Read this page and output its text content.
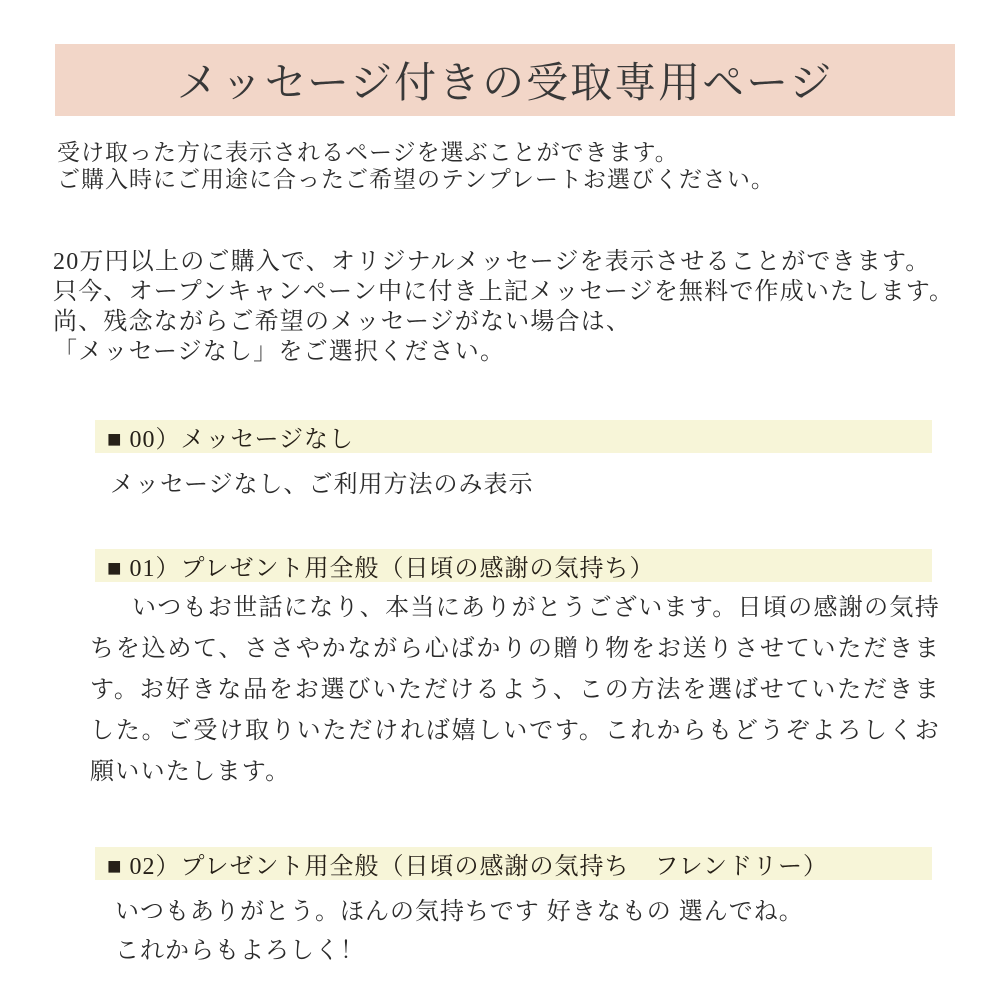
メッセージ付きの受取専用ページ
受け取った方に表示されるページを選ぶことができます。
ご購入時にご用途に合ったご希望のテンプレートお選びください。
20万円以上のご購入で、オリジナルメッセージを表示させることができます。
只今、オープンキャンペーン中に付き上記メッセージを無料で作成いたします。
尚、残念ながらご希望のメッセージがない場合は、
「メッセージなし」をご選択ください。
■ 00）メッセージなし
メッセージなし、ご利用方法のみ表示
■ 01）プレゼント用全般（日頃の感謝の気持ち）
いつもお世話になり、本当にありがとうございます。日頃の感謝の気持ちを込めて、ささやかながら心ばかりの贈り物をお送りさせていただきます。お好きな品をお選びいただけるよう、この方法を選ばせていただきました。ご受け取りいただければ嬉しいです。これからもどうぞよろしくお願いいたします。
■ 02）プレゼント用全般（日頃の感謝の気持ち　フレンドリー）
いつもありがとう。ほんの気持ちです 好きなもの 選んでね。
これからもよろしく！
